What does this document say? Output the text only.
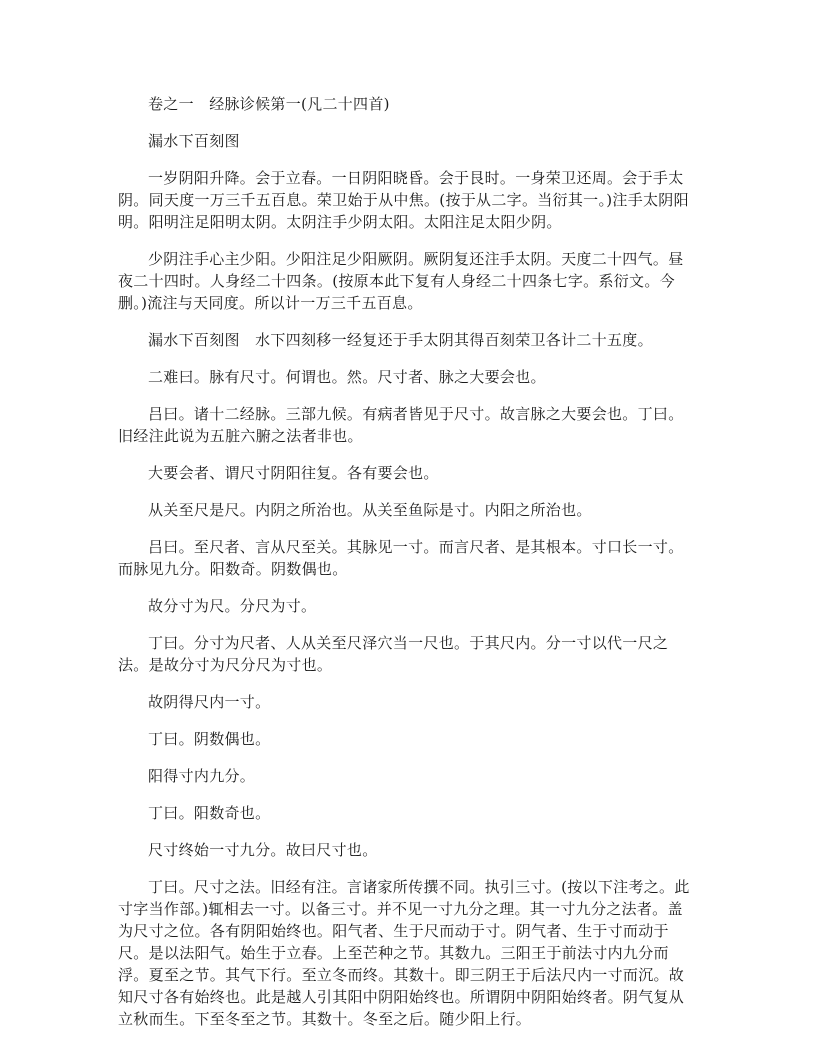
卷之一　经脉诊候第一(凡二十四首)

漏水下百刻图

一岁阴阳升降。会于立春。一日阴阳晓昏。会于艮时。一身荣卫还周。会于手太阴。同天度一万三千五百息。荣卫始于从中焦。(按于从二字。当衍其一。)注手太阴阳明。阳明注足阳明太阴。太阴注手少阴太阳。太阳注足太阳少阴。

少阴注手心主少阳。少阳注足少阳厥阴。厥阴复还注手太阴。天度二十四气。昼夜二十四时。人身经二十四条。(按原本此下复有人身经二十四条七字。系衍文。今删。)流注与天同度。所以计一万三千五百息。

漏水下百刻图　水下四刻移一经复还于手太阴其得百刻荣卫各计二十五度。

二难曰。脉有尺寸。何谓也。然。尺寸者、脉之大要会也。

吕曰。诸十二经脉。三部九候。有病者皆见于尺寸。故言脉之大要会也。丁曰。旧经注此说为五脏六腑之法者非也。

大要会者、谓尺寸阴阳往复。各有要会也。

从关至尺是尺。内阴之所治也。从关至鱼际是寸。内阳之所治也。

吕曰。至尺者、言从尺至关。其脉见一寸。而言尺者、是其根本。寸口长一寸。而脉见九分。阳数奇。阴数偶也。

故分寸为尺。分尺为寸。

丁曰。分寸为尺者、人从关至尺泽穴当一尺也。于其尺内。分一寸以代一尺之法。是故分寸为尺分尺为寸也。

故阴得尺内一寸。

丁曰。阴数偶也。

阳得寸内九分。

丁曰。阳数奇也。

尺寸终始一寸九分。故曰尺寸也。

丁曰。尺寸之法。旧经有注。言诸家所传撰不同。执引三寸。(按以下注考之。此寸字当作部。)辄相去一寸。以备三寸。并不见一寸九分之理。其一寸九分之法者。盖为尺寸之位。各有阴阳始终也。阳气者、生于尺而动于寸。阴气者、生于寸而动于尺。是以法阳气。始生于立春。上至芒种之节。其数九。三阳王于前法寸内九分而浮。夏至之节。其气下行。至立冬而终。其数十。即三阴王于后法尺内一寸而沉。故知尺寸各有始终也。此是越人引其阳中阴阳始终也。所谓阴中阴阳始终者。阴气复从立秋而生。下至冬至之节。其数十。冬至之后。随少阳上行。
